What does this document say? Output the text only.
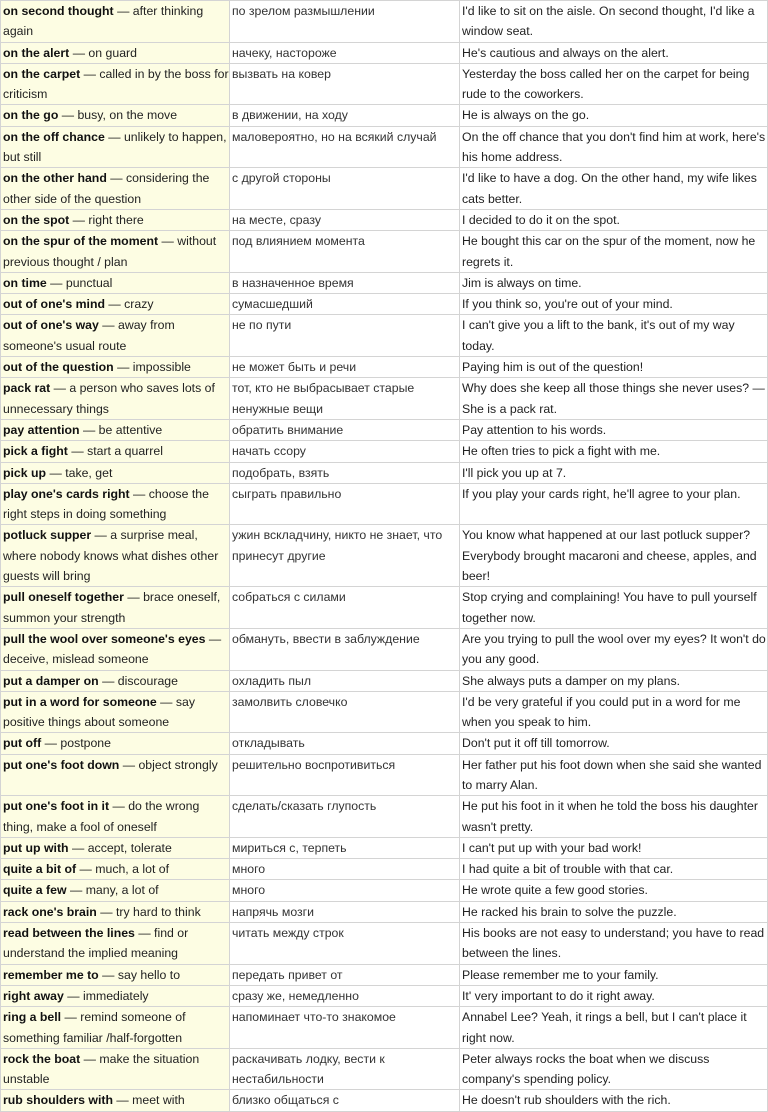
on second thought — after thinking again	по зрелом размышлении	I'd like to sit on the aisle. On second thought, I'd like a window seat.
on the alert — on guard	начеку, настороже	He's cautious and always on the alert.
on the carpet — called in by the boss for criticism	вызвать на ковер	Yesterday the boss called her on the carpet for being rude to the coworkers.
on the go — busy, on the move	в движении, на ходу	He is always on the go.
on the off chance — unlikely to happen, but still	маловероятно, но на всякий случай	On the off chance that you don't find him at work, here's his home address.
on the other hand — considering the other side of the question	с другой стороны	I'd like to have a dog. On the other hand, my wife likes cats better.
on the spot — right there	на месте, сразу	I decided to do it on the spot.
on the spur of the moment — without previous thought / plan	под влиянием момента	He bought this car on the spur of the moment, now he regrets it.
on time — punctual	в назначенное время	Jim is always on time.
out of one's mind — crazy	сумасшедший	If you think so, you're out of your mind.
out of one's way — away from someone's usual route	не по пути	I can't give you a lift to the bank, it's out of my way today.
out of the question — impossible	не может быть и речи	Paying him is out of the question!
pack rat — a person who saves lots of unnecessary things	тот, кто не выбрасывает старые ненужные вещи	Why does she keep all those things she never uses? — She is a pack rat.
pay attention — be attentive	обратить внимание	Pay attention to his words.
pick a fight — start a quarrel	начать ссору	He often tries to pick a fight with me.
pick up — take, get	подобрать, взять	I'll pick you up at 7.
play one's cards right — choose the right steps in doing something	сыграть правильно	If you play your cards right, he'll agree to your plan.
potluck supper — a surprise meal, where nobody knows what dishes other guests will bring	ужин вскладчину, никто не знает, что принесут другие	You know what happened at our last potluck supper? Everybody brought macaroni and cheese, apples, and beer!
pull oneself together — brace oneself, summon your strength	собраться с силами	Stop crying and complaining! You have to pull yourself together now.
pull the wool over someone's eyes — deceive, mislead someone	обмануть, ввести в заблуждение	Are you trying to pull the wool over my eyes? It won't do you any good.
put a damper on — discourage	охладить пыл	She always puts a damper on my plans.
put in a word for someone — say positive things about someone	замолвить словечко	I'd be very grateful if you could put in a word for me when you speak to him.
put off — postpone	откладывать	Don't put it off till tomorrow.
put one's foot down — object strongly	решительно воспротивиться	Her father put his foot down when she said she wanted to marry Alan.
put one's foot in it — do the wrong thing, make a fool of oneself	сделать/сказать глупость	He put his foot in it when he told the boss his daughter wasn't pretty.
put up with — accept, tolerate	мириться с, терпеть	I can't put up with your bad work!
quite a bit of — much, a lot of	много	I had quite a bit of trouble with that car.
quite a few — many, a lot of	много	He wrote quite a few good stories.
rack one's brain — try hard to think	напрячь мозги	He racked his brain to solve the puzzle.
read between the lines — find or understand the implied meaning	читать между строк	His books are not easy to understand; you have to read between the lines.
remember me to — say hello to	передать привет от	Please remember me to your family.
right away — immediately	сразу же, немедленно	It' very important to do it right away.
ring a bell — remind someone of something familiar /half-forgotten	напоминает что-то знакомое	Annabel Lee? Yeah, it rings a bell, but I can't place it right now.
rock the boat — make the situation unstable	раскачивать лодку, вести к нестабильности	Peter always rocks the boat when we discuss company's spending policy.
rub shoulders with — meet with	близко общаться с	He doesn't rub shoulders with the rich.
